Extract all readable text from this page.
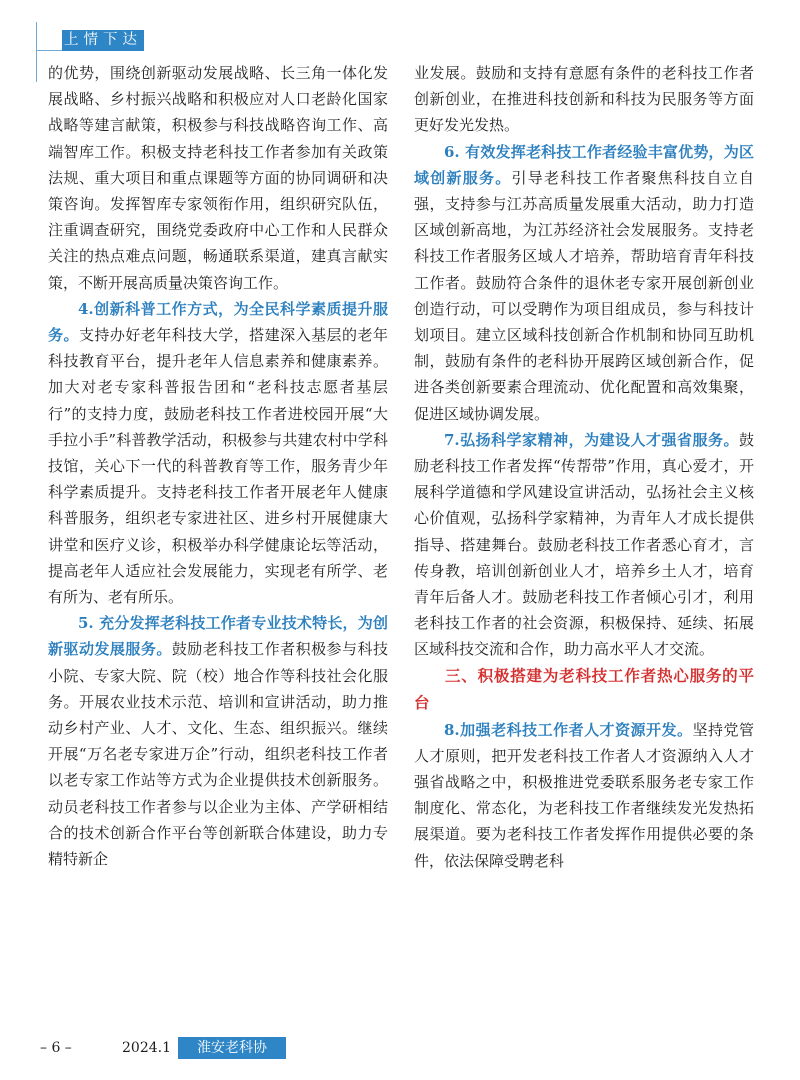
上情下达

的优势，围绕创新驱动发展战略、长三角一体化发展战略、乡村振兴战略和积极应对人口老龄化国家战略等建言献策，积极参与科技战略咨询工作、高端智库工作。积极支持老科技工作者参加有关政策法规、重大项目和重点课题等方面的协同调研和决策咨询。发挥智库专家领衔作用，组织研究队伍，注重调查研究，围绕党委政府中心工作和人民群众关注的热点难点问题，畅通联系渠道，建真言献实策，不断开展高质量决策咨询工作。

4.创新科普工作方式，为全民科学素质提升服务。支持办好老年科技大学，搭建深入基层的老年科技教育平台，提升老年人信息素养和健康素养。加大对老专家科普报告团和“老科技志愿者基层行”的支持力度，鼓励老科技工作者进校园开展“大手拉小手”科普教学活动，积极参与共建农村中学科技馆，关心下一代的科普教育等工作，服务青少年科学素质提升。支持老科技工作者开展老年人健康科普服务，组织老专家进社区、进乡村开展健康大讲堂和医疗义诊，积极举办科学健康论坛等活动，提高老年人适应社会发展能力，实现老有所学、老有所为、老有所乐。

5. 充分发挥老科技工作者专业技术特长，为创新驱动发展服务。鼓励老科技工作者积极参与科技小院、专家大院、院（校）地合作等科技社会化服务。开展农业技术示范、培训和宣讲活动，助力推动乡村产业、人才、文化、生态、组织振兴。继续开展“万名老专家进万企”行动，组织老科技工作者以老专家工作站等方式为企业提供技术创新服务。动员老科技工作者参与以企业为主体、产学研相结合的技术创新合作平台等创新联合体建设，助力专精特新企

业发展。鼓励和支持有意愿有条件的老科技工作者创新创业，在推进科技创新和科技为民服务等方面更好发光发热。

6. 有效发挥老科技工作者经验丰富优势，为区域创新服务。引导老科技工作者聚焦科技自立自强，支持参与江苏高质量发展重大活动，助力打造区域创新高地，为江苏经济社会发展服务。支持老科技工作者服务区域人才培养，帮助培育青年科技工作者。鼓励符合条件的退休老专家开展创新创业创造行动，可以受聘作为项目组成员，参与科技计划项目。建立区域科技创新合作机制和协同互助机制，鼓励有条件的老科协开展跨区域创新合作，促进各类创新要素合理流动、优化配置和高效集聚，促进区域协调发展。

7.弘扬科学家精神，为建设人才强省服务。鼓励老科技工作者发挥“传帮带”作用，真心爱才，开展科学道德和学风建设宣讲活动，弘扬社会主义核心价值观，弘扬科学家精神，为青年人才成长提供指导、搭建舞台。鼓励老科技工作者悉心育才，言传身教，培训创新创业人才，培养乡土人才，培育青年后备人才。鼓励老科技工作者倾心引才，利用老科技工作者的社会资源，积极保持、延续、拓展区域科技交流和合作，助力高水平人才交流。

三、积极搭建为老科技工作者热心服务的平台

8.加强老科技工作者人才资源开发。坚持党管人才原则，把开发老科技工作者人才资源纳入人才强省战略之中，积极推进党委联系服务老专家工作制度化、常态化，为老科技工作者继续发光发热拓展渠道。要为老科技工作者发挥作用提供必要的条件，依法保障受聘老科

– 6 –	2024.1	淮安老科协
